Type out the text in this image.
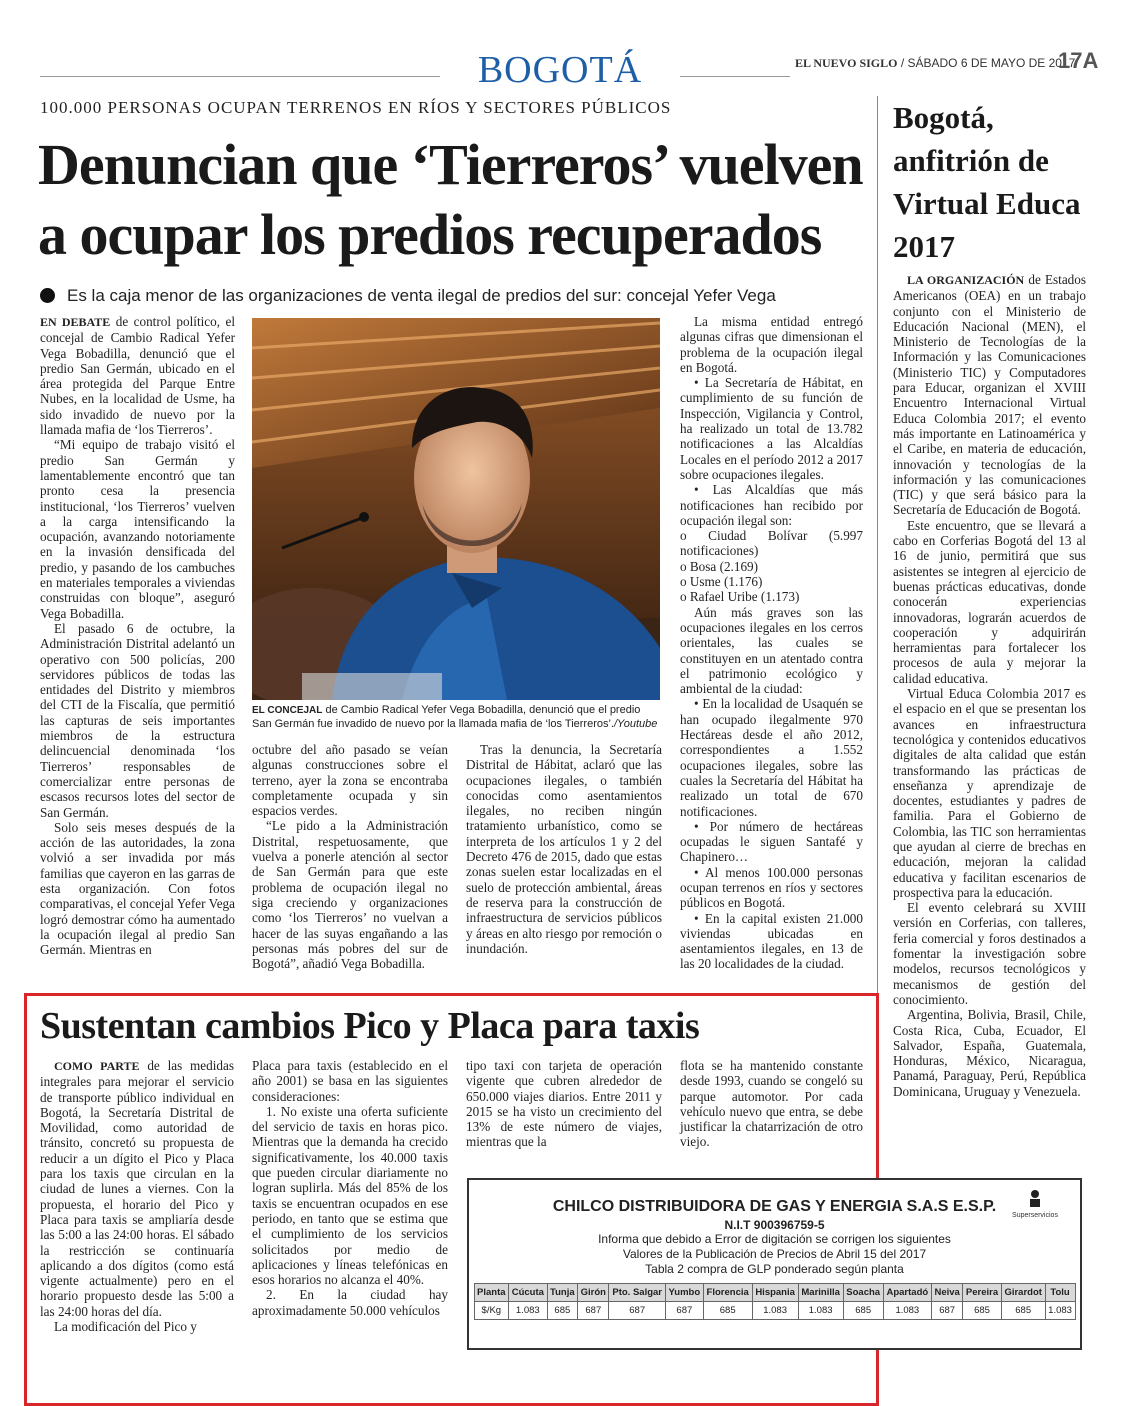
BOGOTÁ	EL NUEVO SIGLO / SÁBADO 6 DE MAYO DE 2017
17A
100.000 PERSONAS OCUPAN TERRENOS EN RÍOS Y SECTORES PÚBLICOS
Denuncian que ‘Tierreros’ vuelven a ocupar los predios recuperados
Es la caja menor de las organizaciones de venta ilegal de predios del sur: concejal Yefer Vega

EN DEBATE de control político, el concejal de Cambio Radical Yefer Vega Bobadilla, denunció que el predio San Germán, ubicado en el área protegida del Parque Entre Nubes, en la localidad de Usme, ha sido invadido de nuevo por la llamada mafia de ‘los Tierreros’.

“Mi equipo de trabajo visitó el predio San Germán y lamentablemente encontró que tan pronto cesa la presencia institucional, ‘los Tierreros’ vuelven a la carga intensificando la ocupación, avanzando notoriamente en la invasión densificada del predio, y pasando de los cambuches en materiales temporales a viviendas construidas con bloque”, aseguró Vega Bobadilla.

El pasado 6 de octubre, la Administración Distrital adelantó un operativo con 500 policías, 200 servidores públicos de todas las entidades del Distrito y miembros del CTI de la Fiscalía, que permitió las capturas de seis importantes miembros de la estructura delincuencial denominada ‘los Tierreros’ responsables de comercializar entre personas de escasos recursos lotes del sector de San Germán.

Solo seis meses después de la acción de las autoridades, la zona volvió a ser invadida por más familias que cayeron en las garras de esta organización. Con fotos comparativas, el concejal Yefer Vega logró demostrar cómo ha aumentado la ocupación ilegal al predio San Germán. Mientras en

EL CONCEJAL de Cambio Radical Yefer Vega Bobadilla, denunció que el predio San Germán fue invadido de nuevo por la llamada mafia de ‘los Tierreros’./Youtube

octubre del año pasado se veían algunas construcciones sobre el terreno, ayer la zona se encontraba completamente ocupada y sin espacios verdes.

“Le pido a la Administración Distrital, respetuosamente, que vuelva a ponerle atención al sector de San Germán para que este problema de ocupación ilegal no siga creciendo y organizaciones como ‘los Tierreros’ no vuelvan a hacer de las suyas engañando a las personas más pobres del sur de Bogotá”, añadió Vega Bobadilla.

Tras la denuncia, la Secretaría Distrital de Hábitat, aclaró que las ocupaciones ilegales, o también conocidas como asentamientos ilegales, no reciben ningún tratamiento urbanístico, como se interpreta de los artículos 1 y 2 del Decreto 476 de 2015, dado que estas zonas suelen estar localizadas en el suelo de protección ambiental, áreas de reserva para la construcción de infraestructura de servicios públicos y áreas en alto riesgo por remoción o inundación.

La misma entidad entregó algunas cifras que dimensionan el problema de la ocupación ilegal en Bogotá.

• La Secretaría de Hábitat, en cumplimiento de su función de Inspección, Vigilancia y Control, ha realizado un total de 13.782 notificaciones a las Alcaldías Locales en el período 2012 a 2017 sobre ocupaciones ilegales.

• Las Alcaldías que más notificaciones han recibido por ocupación ilegal son:

o Ciudad Bolívar (5.997 notificaciones)

o Bosa (2.169)

o Usme (1.176)

o Rafael Uribe (1.173)

Aún más graves son las ocupaciones ilegales en los cerros orientales, las cuales se constituyen en un atentado contra el patrimonio ecológico y ambiental de la ciudad:

• En la localidad de Usaquén se han ocupado ilegalmente 970 Hectáreas desde el año 2012, correspondientes a 1.552 ocupaciones ilegales, sobre las cuales la Secretaría del Hábitat ha realizado un total de 670 notificaciones.

• Por número de hectáreas ocupadas le siguen Santafé y Chapinero…

• Al menos 100.000 personas ocupan terrenos en ríos y sectores públicos en Bogotá.

• En la capital existen 21.000 viviendas ubicadas en asentamientos ilegales, en 13 de las 20 localidades de la ciudad.

Bogotá, anfitrión de Virtual Educa 2017

LA ORGANIZACIÓN de Estados Americanos (OEA) en un trabajo conjunto con el Ministerio de Educación Nacional (MEN), el Ministerio de Tecnologías de la Información y las Comunicaciones (Ministerio TIC) y Computadores para Educar, organizan el XVIII Encuentro Internacional Virtual Educa Colombia 2017; el evento más importante en Latinoamérica y el Caribe, en materia de educación, innovación y tecnologías de la información y las comunicaciones (TIC) y que será básico para la Secretaría de Educación de Bogotá.

Este encuentro, que se llevará a cabo en Corferias Bogotá del 13 al 16 de junio, permitirá que sus asistentes se integren al ejercicio de buenas prácticas educativas, donde conocerán experiencias innovadoras, lograrán acuerdos de cooperación y adquirirán herramientas para fortalecer los procesos de aula y mejorar la calidad educativa.

Virtual Educa Colombia 2017 es el espacio en el que se presentan los avances en infraestructura tecnológica y contenidos educativos digitales de alta calidad que están transformando las prácticas de enseñanza y aprendizaje de docentes, estudiantes y padres de familia. Para el Gobierno de Colombia, las TIC son herramientas que ayudan al cierre de brechas en educación, mejoran la calidad educativa y facilitan escenarios de prospectiva para la educación.

El evento celebrará su XVIII versión en Corferias, con talleres, feria comercial y foros destinados a fomentar la investigación sobre modelos, recursos tecnológicos y mecanismos de gestión del conocimiento.

Argentina, Bolivia, Brasil, Chile, Costa Rica, Cuba, Ecuador, El Salvador, España, Guatemala, Honduras, México, Nicaragua, Panamá, Paraguay, Perú, República Dominicana, Uruguay y Venezuela.

Sustentan cambios Pico y Placa para taxis

COMO PARTE de las medidas integrales para mejorar el servicio de transporte público individual en Bogotá, la Secretaría Distrital de Movilidad, como autoridad de tránsito, concretó su propuesta de reducir a un dígito el Pico y Placa para los taxis que circulan en la ciudad de lunes a viernes. Con la propuesta, el horario del Pico y Placa para taxis se ampliaría desde las 5:00 a las 24:00 horas. El sábado la restricción se continuaría aplicando a dos dígitos (como está vigente actualmente) pero en el horario propuesto desde las 5:00 a las 24:00 horas del día.

La modificación del Pico y

Placa para taxis (establecido en el año 2001) se basa en las siguientes consideraciones:

1. No existe una oferta suficiente del servicio de taxis en horas pico. Mientras que la demanda ha crecido significativamente, los 40.000 taxis que pueden circular diariamente no logran suplirla. Más del 85% de los taxis se encuentran ocupados en ese periodo, en tanto que se estima que el cumplimiento de los servicios solicitados por medio de aplicaciones y líneas telefónicas en esos horarios no alcanza el 40%.

2. En la ciudad hay aproximadamente 50.000 vehículos

tipo taxi con tarjeta de operación vigente que cubren alrededor de 650.000 viajes diarios. Entre 2011 y 2015 se ha visto un crecimiento del 13% de este número de viajes, mientras que la

flota se ha mantenido constante desde 1993, cuando se congeló su parque automotor. Por cada vehículo nuevo que entra, se debe justificar la chatarrización de otro viejo.

Superservicios
CHILCO DISTRIBUIDORA DE GAS Y ENERGIA S.A.S E.S.P.
N.I.T 900396759-5
Informa que debido a Error de digitación se corrigen los siguientes
Valores de la Publicación de Precios de Abril 15 del 2017
Tabla 2 compra de GLP ponderado según planta
Planta	Cúcuta	Tunja	Girón	Pto. Salgar	Yumbo	Florencia	Hispania	Marinilla	Soacha	Apartadó	Neiva	Pereira	Girardot	Tolu
$/Kg	1.083	685	687	687	687	685	1.083	1.083	685	1.083	687	685	685	1.083
